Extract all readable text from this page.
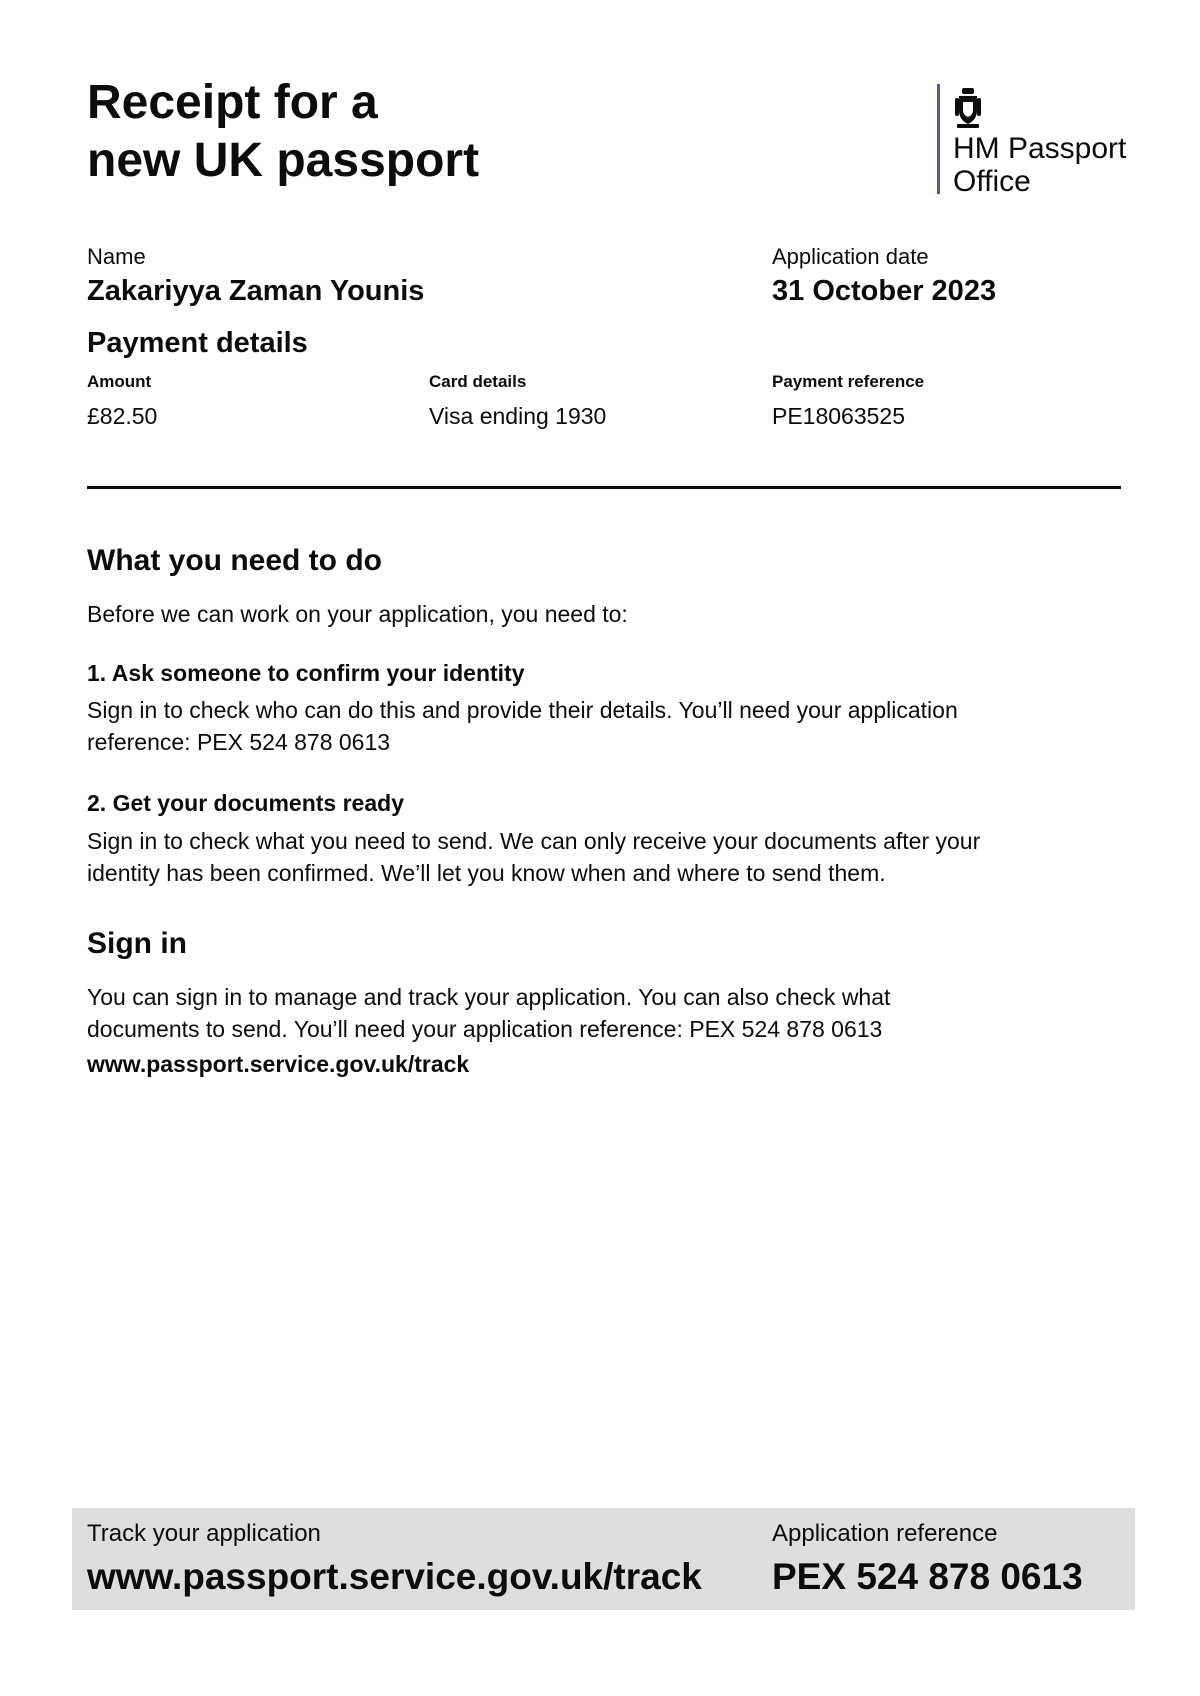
Receipt for a
new UK passport	HM Passport
Office
Name
Zakariyya Zaman Younis
Application date
31 October 2023
Payment details
Amount
£82.50
Card details
Visa ending 1930
Payment reference
PE18063525
What you need to do

Before we can work on your application, you need to:

1. Ask someone to confirm your identity

Sign in to check who can do this and provide their details. You’ll need your application reference: PEX 524 878 0613

2. Get your documents ready

Sign in to check what you need to send. We can only receive your documents after your identity has been confirmed. We’ll let you know when and where to send them.

Sign in

You can sign in to manage and track your application. You can also check what documents to send. You’ll need your application reference: PEX 524 878 0613

www.passport.service.gov.uk/track
Track your application
www.passport.service.gov.uk/track
Application reference
PEX 524 878 0613
